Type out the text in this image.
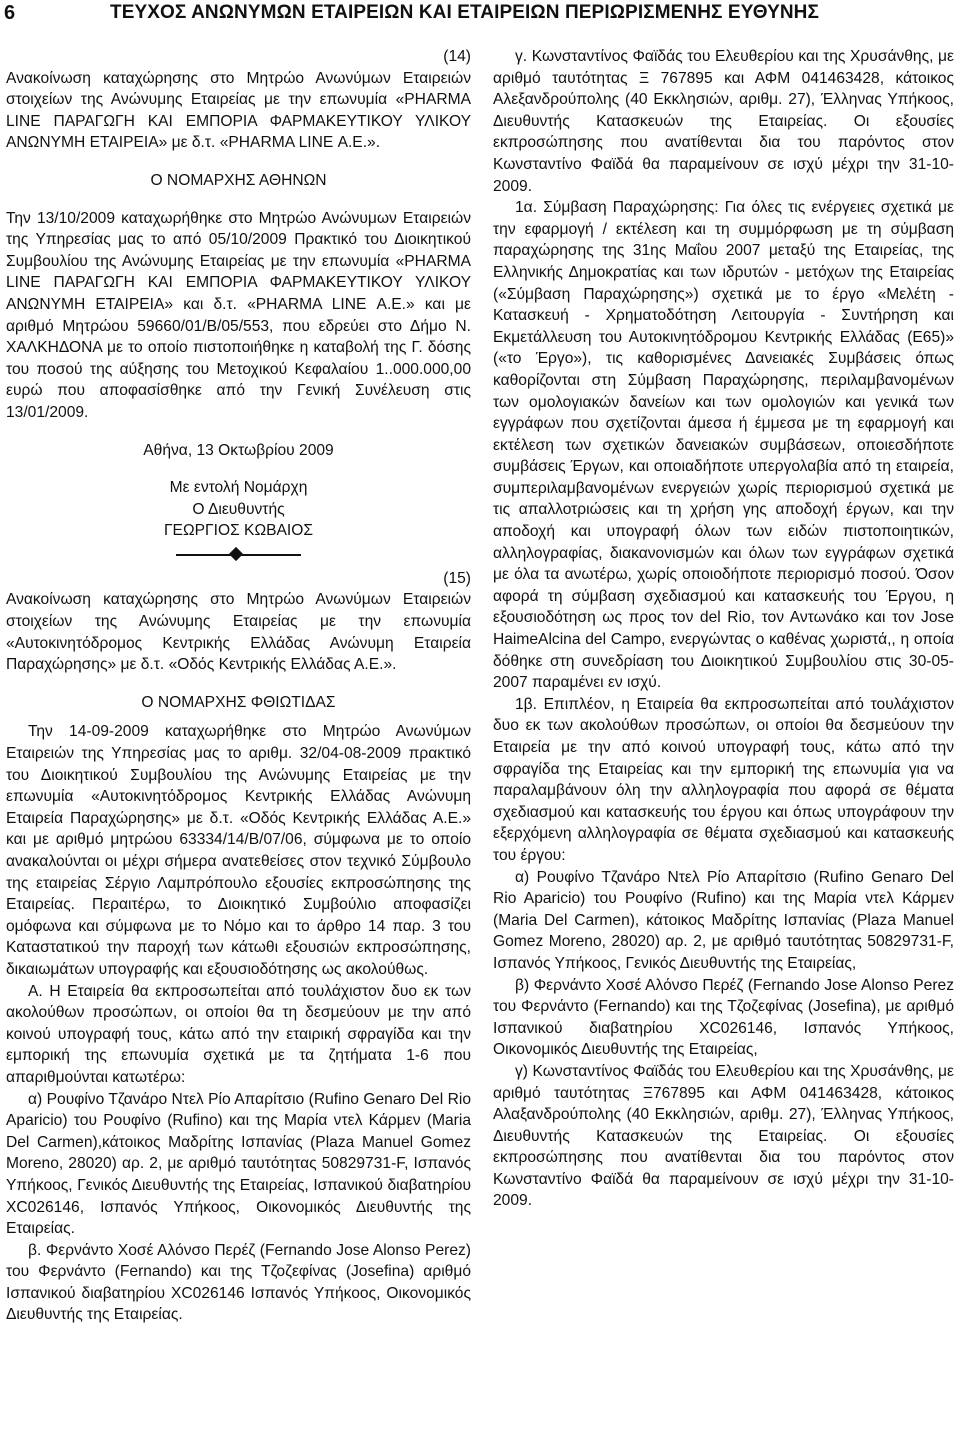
6	ΤΕΥΧΟΣ ΑΝΩΝΥΜΩΝ ΕΤΑΙΡΕΙΩΝ ΚΑΙ ΕΤΑΙΡΕΙΩΝ ΠΕΡΙΩΡΙΣΜΕΝΗΣ ΕΥΘΥΝΗΣ

(14)

Ανακοίνωση καταχώρησης στο Μητρώο Ανωνύμων Εταιρειών στοιχείων της Ανώνυμης Εταιρείας με την επωνυμία «PHARMA LINE ΠΑΡΑΓΩΓΗ ΚΑΙ ΕΜΠΟΡΙΑ ΦΑΡΜΑΚΕΥΤΙΚΟΥ ΥΛΙΚΟΥ ΑΝΩΝΥΜΗ ΕΤΑΙΡΕΙΑ» με δ.τ. «PHARMA LINE Α.Ε.».

Ο ΝΟΜΑΡΧΗΣ ΑΘΗΝΩΝ

Την 13/10/2009 καταχωρήθηκε στο Μητρώο Ανώνυμων Εταιρειών της Υπηρεσίας μας το από 05/10/2009 Πρακτικό του Διοικητικού Συμβουλίου της Ανώνυμης Εταιρείας με την επωνυμία «PHARMA LINE ΠΑΡΑΓΩΓΗ ΚΑΙ ΕΜΠΟΡΙΑ ΦΑΡΜΑΚΕΥΤΙΚΟΥ ΥΛΙΚΟΥ ΑΝΩΝΥΜΗ ΕΤΑΙΡΕΙΑ» και δ.τ. «PHARMA LINE Α.Ε.» και με αριθμό Μητρώου 59660/01/Β/05/553, που εδρεύει στο Δήμο Ν. ΧΑΛΚΗΔΟΝΑ με το οποίο πιστοποιήθηκε η καταβολή της Γ. δόσης του ποσού της αύξησης του Μετοχικού Κεφαλαίου 1..000.000,00 ευρώ που αποφασίσθηκε από την Γενική Συνέλευση στις 13/01/2009.

Αθήνα, 13 Οκτωβρίου 2009

Με εντολή Νομάρχη

Ο Διευθυντής

ΓΕΩΡΓΙΟΣ ΚΩΒΑΙΟΣ

(15)

Ανακοίνωση καταχώρησης στο Μητρώο Ανωνύμων Εταιρειών στοιχείων της Ανώνυμης Εταιρείας με την επωνυμία «Αυτοκινητόδρομος Κεντρικής Ελλάδας Ανώνυμη Εταιρεία Παραχώρησης» με δ.τ. «Οδός Κεντρικής Ελλάδας Α.Ε.».

Ο ΝΟΜΑΡΧΗΣ ΦΘΙΩΤΙΔΑΣ

Την 14-09-2009 καταχωρήθηκε στο Μητρώο Ανωνύμων Εταιρειών της Υπηρεσίας μας το αριθμ. 32/04-08-2009 πρακτικό του Διοικητικού Συμβουλίου της Ανώνυμης Εταιρείας με την επωνυμία «Αυτοκινητόδρομος Κεντρικής Ελλάδας Ανώνυμη Εταιρεία Παραχώρησης» με δ.τ. «Οδός Κεντρικής Ελλάδας Α.Ε.» και με αριθμό μητρώου 63334/14/Β/07/06, σύμφωνα με το οποίο ανακαλούνται οι μέχρι σήμερα ανατεθείσες στον τεχνικό Σύμβουλο της εταιρείας Σέργιο Λαμπρόπουλο εξουσίες εκπροσώπησης της Εταιρείας. Περαιτέρω, το Διοικητικό Συμβούλιο αποφασίζει ομόφωνα και σύμφωνα με το Νόμο και το άρθρο 14 παρ. 3 του Καταστατικού την παροχή των κάτωθι εξουσιών εκπροσώπησης, δικαιωμάτων υπογραφής και εξουσιοδότησης ως ακολούθως.

Α. Η Εταιρεία θα εκπροσωπείται από τουλάχιστον δυο εκ των ακολούθων προσώπων, οι οποίοι θα τη δεσμεύουν με την από κοινού υπογραφή τους, κάτω από την εταιρική σφραγίδα και την εμπορική της επωνυμία σχετικά με τα ζητήματα 1-6 που απαριθμούνται κατωτέρω:

α) Ρουφίνο Τζανάρο Ντελ Ρίο Απαρίτσιο (Rufino Genaro Del Rio Aparicio) του Ρουφίνο (Rufino) και της Μαρία ντελ Κάρμεν (Maria Del Carmen),κάτοικος Μαδρίτης Ισπανίας (Plaza Manuel Gomez Moreno, 28020) αρ. 2, με αριθμό ταυτότητας 50829731-F, Ισπανός Υπήκοος, Γενικός Διευθυντής της Εταιρείας, Ισπανικού διαβατηρίου XC026146, Ισπανός Υπήκοος, Οικονομικός Διευθυντής της Εταιρείας.

β. Φερνάντο Χοσέ Αλόνσο Περέζ (Fernando Jose Alonso Perez) του Φερνάντο (Fernando) και της Τζοζεφίνας (Josefina) αριθμό Ισπανικού διαβατηρίου XC026146 Ισπανός Υπήκοος, Οικονομικός Διευθυντής της Εταιρείας.

γ. Κωνσταντίνος Φαϊδάς του Ελευθερίου και της Χρυσάνθης, με αριθμό ταυτότητας Ξ 767895 και ΑΦΜ 041463428, κάτοικος Αλεξανδρούπολης (40 Εκκλησιών, αριθμ. 27), Έλληνας Υπήκοος, Διευθυντής Κατασκευών της Εταιρείας. Οι εξουσίες εκπροσώπησης που ανατίθενται δια του παρόντος στον Κωνσταντίνο Φαϊδά θα παραμείνουν σε ισχύ μέχρι την 31-10-2009.

1α. Σύμβαση Παραχώρησης: Για όλες τις ενέργειες σχετικά με την εφαρμογή / εκτέλεση και τη συμμόρφωση με τη σύμβαση παραχώρησης της 31ης Μαΐου 2007 μεταξύ της Εταιρείας, της Ελληνικής Δημοκρατίας και των ιδρυτών - μετόχων της Εταιρείας («Σύμβαση Παραχώρησης») σχετικά με το έργο «Μελέτη - Κατασκευή - Χρηματοδότηση Λειτουργία - Συντήρηση και Εκμετάλλευση του Αυτοκινητόδρομου Κεντρικής Ελλάδας (Ε65)» («το Έργο»), τις καθορισμένες Δανειακές Συμβάσεις όπως καθορίζονται στη Σύμβαση Παραχώρησης, περιλαμβανομένων των ομολογιακών δανείων και των ομολογιών και γενικά των εγγράφων που σχετίζονται άμεσα ή έμμεσα με τη εφαρμογή και εκτέλεση των σχετικών δανειακών συμβάσεων, οποιεσδήποτε συμβάσεις Έργων, και οποιαδήποτε υπεργολαβία από τη εταιρεία, συμπεριλαμβανομένων ενεργειών χωρίς περιορισμού σχετικά με τις απαλλοτριώσεις και τη χρήση γης αποδοχή έργων, και την αποδοχή και υπογραφή όλων των ειδών πιστοποιητικών, αλληλογραφίας, διακανονισμών και όλων των εγγράφων σχετικά με όλα τα ανωτέρω, χωρίς οποιοδήποτε περιορισμό ποσού. Όσον αφορά τη σύμβαση σχεδιασμού και κατασκευής του Έργου, η εξουσιοδότηση ως προς τον del Rio, τον Αντωνάκο και τον Jose HaimeAlcina del Campo, ενεργώντας ο καθένας χωριστά,, η οποία δόθηκε στη συνεδρίαση του Διοικητικού Συμβουλίου στις 30-05-2007 παραμένει εν ισχύ.

1β. Επιπλέον, η Εταιρεία θα εκπροσωπείται από τουλάχιστον δυο εκ των ακολούθων προσώπων, οι οποίοι θα δεσμεύουν την Εταιρεία με την από κοινού υπογραφή τους, κάτω από την σφραγίδα της Εταιρείας και την εμπορική της επωνυμία για να παραλαμβάνουν όλη την αλληλογραφία που αφορά σε θέματα σχεδιασμού και κατασκευής του έργου και όπως υπογράφουν την εξερχόμενη αλληλογραφία σε θέματα σχεδιασμού και κατασκευής του έργου:

α) Ρουφίνο Τζανάρο Ντελ Ρίο Απαρίτσιο (Rufino Genaro Del Rio Aparicio) του Ρουφίνο (Rufino) και της Μαρία ντελ Κάρμεν (Maria Del Carmen), κάτοικος Μαδρίτης Ισπανίας (Plaza Manuel Gomez Moreno, 28020) αρ. 2, με αριθμό ταυτότητας 50829731-F, Ισπανός Υπήκοος, Γενικός Διευθυντής της Εταιρείας,

β) Φερνάντο Χοσέ Αλόνσο Περέζ (Fernando Jose Alonso Perez του Φερνάντο (Fernando) και της Τζοζεφίνας (Josefina), με αριθμό Ισπανικού διαβατηρίου XC026146, Ισπανός Υπήκοος, Οικονομικός Διευθυντής της Εταιρείας,

γ) Κωνσταντίνος Φαϊδάς του Ελευθερίου και της Χρυσάνθης, με αριθμό ταυτότητας Ξ767895 και ΑΦΜ 041463428, κάτοικος Αλαξανδρούπολης (40 Εκκλησιών, αριθμ. 27), Έλληνας Υπήκοος, Διευθυντής Κατασκευών της Εταιρείας. Οι εξουσίες εκπροσώπησης που ανατίθενται δια του παρόντος στον Κωνσταντίνο Φαϊδά θα παραμείνουν σε ισχύ μέχρι την 31-10-2009.
